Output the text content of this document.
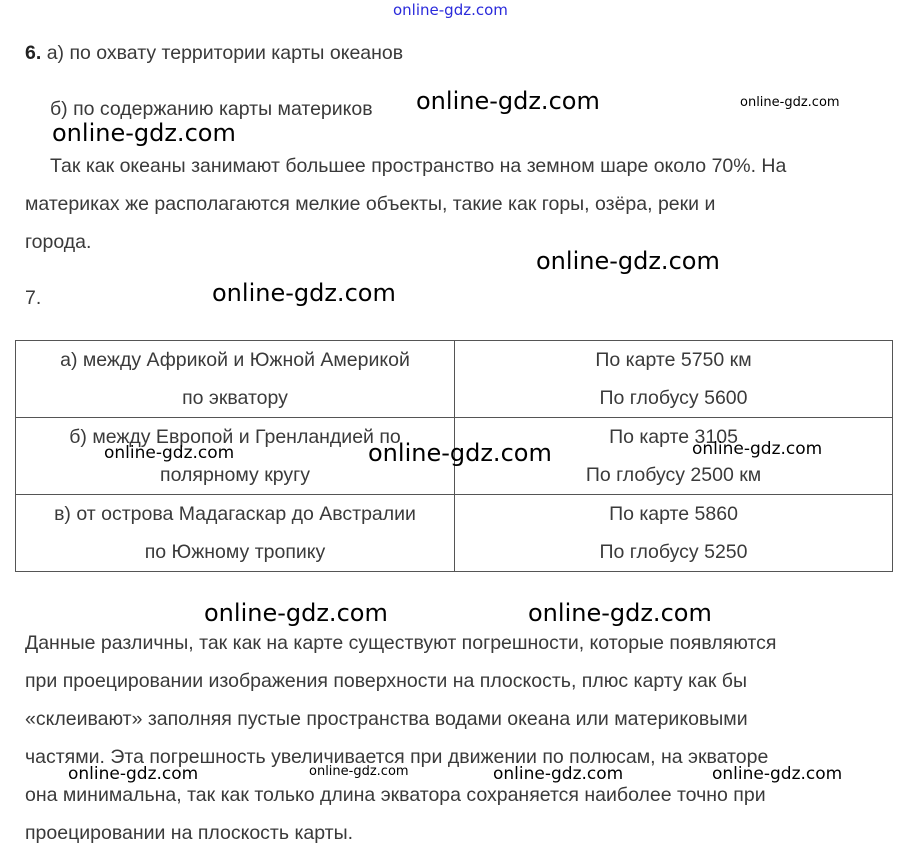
online-gdz.com
6. а) по охвату территории карты океанов
б) по содержанию карты материков online-gdz.com	online-gdz.com
online-gdz.com
Так как океаны занимают большее пространство на земном шаре около 70%. На
материках же располагаются мелкие объекты, такие как горы, озёра, реки и
города.
online-gdz.com
7.	online-gdz.com
а) между Африкой и Южной Америкой
по экватору	По карте 5750 км
По глобусу 5600

б) между Европой и Гренландией по
полярному кругу	По карте 3105
По глобусу 2500 км

в) от острова Мадагаскар до Австралии
по Южному тропику	По карте 5860
По глобусу 5250
online-gdz.com	online-gdz.com	online-gdz.com
online-gdz.com	online-gdz.com
Данные различны, так как на карте существуют погрешности, которые появляются
при проецировании изображения поверхности на плоскость, плюс карту как бы
«склеивают» заполняя пустые пространства водами океана или материковыми
частями. Эта погрешность увеличивается при движении по полюсам, на экваторе
online-gdz.com	online-gdz.com	online-gdz.com	online-gdz.com
она минимальна, так как только длина экватора сохраняется наиболее точно при
проецировании на плоскость карты.
